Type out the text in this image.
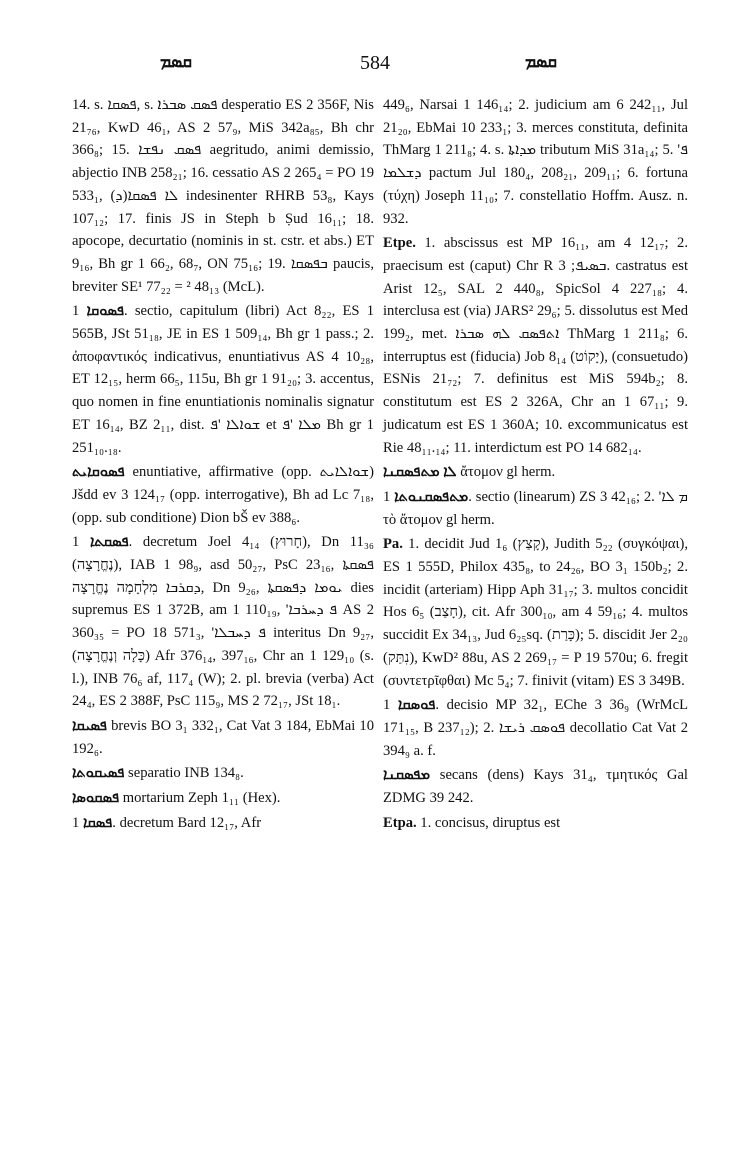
ܩܣܡ	584	ܩܣܡ

14. s. ܦܣܩܐ, s. ܦܣܩ ܣܒܪܐ desperatio ES 2 356F, Nis 21₇₆, KwD 46₁, AS 2 57₉, MiS 342a₈₅, Bh chr 366₈; 15. ܦܣܩ ܢܦܫܐ aegritudo, animi demissio, abjectio INB 258₂₁; 16. cessatio AS 2 265₄ = PO 19 533₁, (ܕ)ܠܐ ܦܣܩܐ indesinenter RHRB 53₈, Kays 107₁₂; 17. finis JS in Steph b Ṣud 16₁₁; 18. apocope, decurtatio (nominis in st. cstr. et abs.) ET 9₁₆, Bh gr 1 66₂, 68₇, ON 75₁₆; 19. ܒܦܣܩܐ paucis, breviter SE¹ 77₂₂ = ² 48₁₃ (McL).

ܦܣܘܩܐ 1. sectio, capitulum (libri) Act 8₂₂, ES 1 565B, JSt 51₁₈, JE in ES 1 509₁₄, Bh gr 1 pass.; 2. ἀποφαντικός indicativus, enuntiativus AS 4 10₂₈, ET 12₁₅, herm 66₅, 115u, Bh gr 1 91₂₀; 3. accentus, quo nomen in fine enuntiationis nominalis signatur ET 16₁₄, BZ 2₁₁, dist. ܫܘܐܠܐ 'ܦ et ܡܠܐ 'ܦ Bh gr 1 251₁₀.₁₈.

ܦܣܘܩܐܝܬ enuntiative, affirmative (opp. ܫܘܐܠܐܝܬ) Jšdd ev 3 124₁₇ (opp. interrogative), Bh ad Lc 7₁₈, (opp. sub conditione) Dion bŠ ev 388₆.

ܦܣܩܬܐ 1. decretum Joel 4₁₄ (חָרוּץ), Dn 11₃₆ (נֶחֱרָצָה), IAB 1 98₉, asd 50₂₇, PsC 23₁₆, ܦܣܩܬܐ ܕܩܪܒܐ מִלְחָמָה נֶחֱרָצָה, Dn 9₂₆, ܝܘܡܐ ܕܦܣܩܬܐ dies supremus ES 1 372B, am 1 110₁₉, 'ܦ ܕܚܪܒܐ AS 2 360₃₅ = PO 18 571₃, 'ܦ ܕܚܒܠܐ interitus Dn 9₂₇, (כָּלָה וְנֶחֱרָצָה) Afr 376₁₄, 397₁₆, Chr an 1 129₁₀ (s. l.), INB 76₆ af, 117₄ (W); 2. pl. brevia (verba) Act 24₄, ES 2 388F, PsC 115₉, MS 2 72₁₇, JSt 18₁.

ܦܣܝܩܐ brevis BO 3₁ 332₁, Cat Vat 3 184, EbMai 10 192₆.

ܦܣܝܩܘܬܐ separatio INB 134₈.

ܦܣܩܘܣܐ mortarium Zeph 1₁₁ (Hex).

ܦܣܩܐ 1. decretum Bard 12₁₇, Afr

449₆, Narsai 1 146₁₄; 2. judicium am 6 242₁₁, Jul 21₂₀, EbMai 10 233₁; 3. merces constituta, definita ThMarg 1 211₈; 4. s. ܡܕܐܬܐ tributum MiS 31a₁₄; 5. 'ܦ ܕܫܠܡܐ pactum Jul 180₄, 208₂₁, 209₁₁; 6. fortuna (τύχη) Joseph 11₁₀; 7. constellatio Hoffm. Ausz. n. 932.

Etpe. 1. abscissus est MP 16₁₁, am 4 12₁₇; 2. praecisum est (caput) Chr R ܒܣܝܦ; 3. castratus est Arist 12₅, SAL 2 440₈, SpicSol 4 227₁₈; 4. interclusa est (via) JARS² 29₆; 5. dissolutus est Med 199₂, met. ܐܬܦܣܩ ܠܗ ܣܒܪܐ ThMarg 1 211₈; 6. interruptus est (fiducia) Job 8₁₄ (יָקוֹט), (consuetudo) ESNis 21₇₂; 7. definitus est MiS 594b₂; 8. constitutum est ES 2 326A, Chr an 1 67₁₁; 9. judicatum est ES 1 360A; 10. excommunicatus est Rie 48₁₁.₁₄; 11. interdictum est PO 14 682₁₄.

ܠܐ ܡܬܦܣܩܢܐ ἄτομον gl herm.

ܡܬܦܣܩܢܘܬܐ 1. sectio (linearum) ZS 3 42₁₆; 2. 'ܡ ܠܐ τὸ ἄτομον gl herm.

Pa. 1. decidit Jud 1₆ (קָצַץ), Judith 5₂₂ (συγκόψαι), ES 1 555D, Philox 435₈, to 24₂₆, BO 3₁ 150b₂; 2. incidit (arteriam) Hipp Aph 31₁₇; 3. multos concidit Hos 6₅ (חָצַב), cit. Afr 300₁₀, am 4 59₁₆; 4. multos succidit Ex 34₁₃, Jud 6₂₅sq. (כָּרַת); 5. discidit Jer 2₂₀ (נִתַּק), KwD² 88u, AS 2 269₁₇ = P 19 570u; 6. fregit (συντετρῖφθαι) Mc 5₄; 7. finivit (vitam) ES 3 349B.

ܦܘܣܩܐ 1. decisio MP 32₁, EChe 3 36₉ (WrMcL 171₁₅, B 237₁₂); 2. ܦܘܣܩ ܪܝܫܐ decollatio Cat Vat 2 394₉ a. f.

ܡܦܣܩܢܐ secans (dens) Kays 31₄, τμητικός Gal ZDMG 39 242.

Etpa. 1. concisus, diruptus est
